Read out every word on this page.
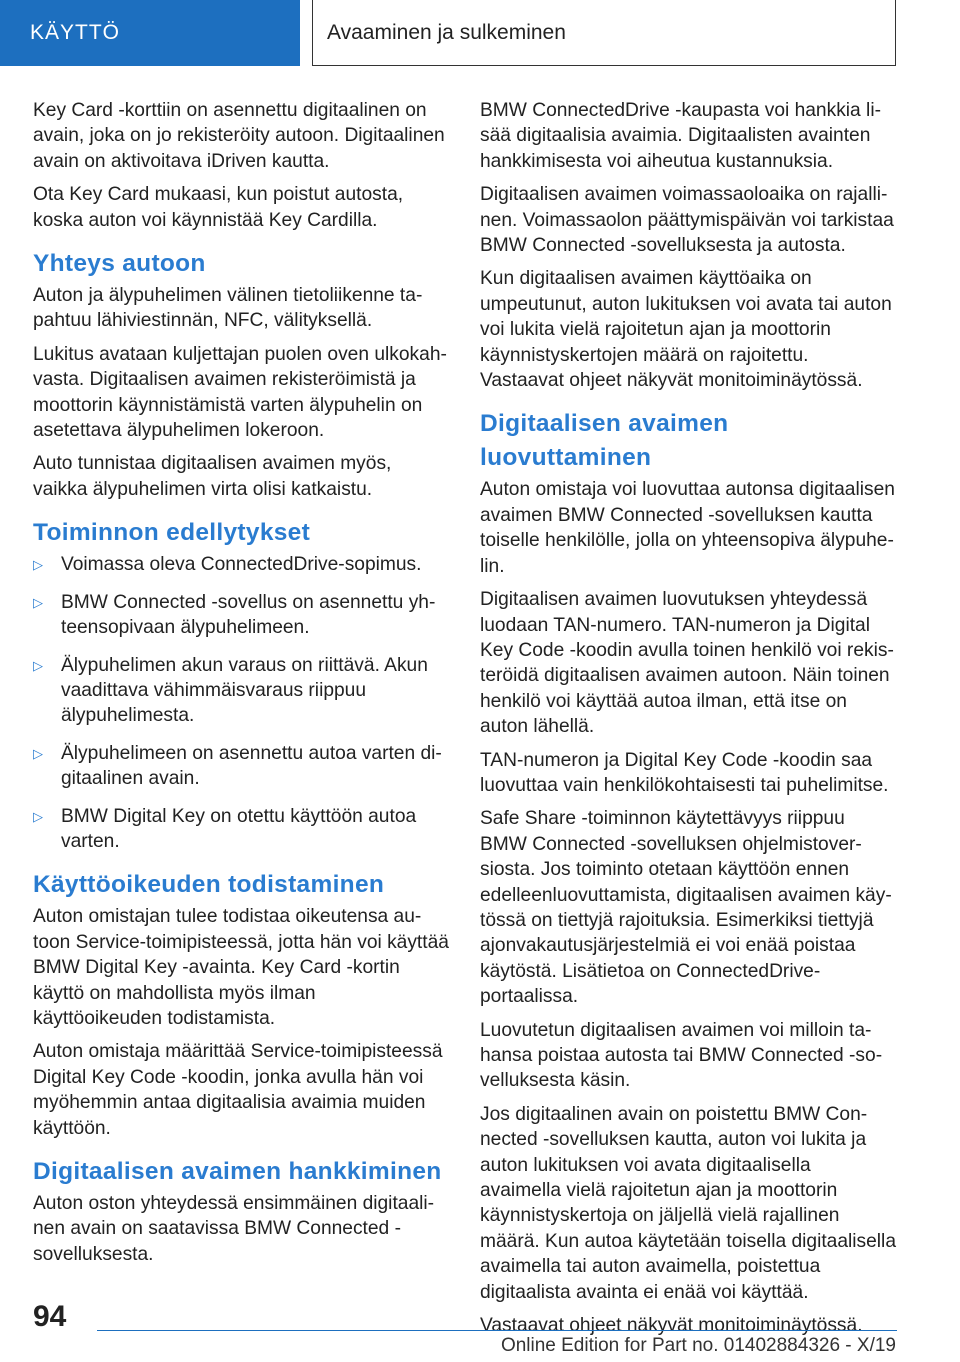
KÄYTTÖ	Avaaminen ja sulkeminen

Key Card -korttiin on asennettu digitaalinen on avain, joka on jo rekisteröity autoon. Digitaalinen avain on aktivoitava iDriven kautta.

Ota Key Card mukaasi, kun poistut autosta, koska auton voi käynnistää Key Cardilla.

Yhteys autoon

Auton ja älypuhelimen välinen tietoliikenne tapahtuu lähiviestinnän, NFC, välityksellä.

Lukitus avataan kuljettajan puolen oven ulkokahvasta. Digitaalisen avaimen rekisteröimistä ja moottorin käynnistämistä varten älypuhelin on asetettava älypuhelimen lokeroon.

Auto tunnistaa digitaalisen avaimen myös, vaikka älypuhelimen virta olisi katkaistu.

Toiminnon edellytykset
▷ Voimassa oleva ConnectedDrive-sopimus.
▷ BMW Connected -sovellus on asennettu yhteensopivaan älypuhelimeen.
▷ Älypuhelimen akun varaus on riittävä. Akun vaadittava vähimmäisvaraus riippuu älypuhelimesta.
▷ Älypuhelimeen on asennettu autoa varten digitaalinen avain.
▷ BMW Digital Key on otettu käyttöön autoa varten.
Käyttöoikeuden todistaminen

Auton omistajan tulee todistaa oikeutensa autoon Service-toimipisteessä, jotta hän voi käyttää BMW Digital Key -avainta. Key Card -kortin käyttö on mahdollista myös ilman käyttöoikeuden todistamista.

Auton omistaja määrittää Service-toimipisteessä Digital Key Code -koodin, jonka avulla hän voi myöhemmin antaa digitaalisia avaimia muiden käyttöön.

Digitaalisen avaimen hankkiminen

Auton oston yhteydessä ensimmäinen digitaalinen avain on saatavissa BMW Connected -sovelluksesta.

BMW ConnectedDrive -kaupasta voi hankkia lisää digitaalisia avaimia. Digitaalisten avainten hankkimisesta voi aiheutua kustannuksia.

Digitaalisen avaimen voimassaoloaika on rajallinen. Voimassaolon päättymispäivän voi tarkistaa BMW Connected -sovelluksesta ja autosta.

Kun digitaalisen avaimen käyttöaika on umpeutunut, auton lukituksen voi avata tai auton voi lukita vielä rajoitetun ajan ja moottorin käynnistyskertojen määrä on rajoitettu. Vastaavat ohjeet näkyvät monitoiminäytössä.

Digitaalisen avaimen luovuttaminen

Auton omistaja voi luovuttaa autonsa digitaalisen avaimen BMW Connected -sovelluksen kautta toiselle henkilölle, jolla on yhteensopiva älypuhelin.

Digitaalisen avaimen luovutuksen yhteydessä luodaan TAN-numero. TAN-numeron ja Digital Key Code -koodin avulla toinen henkilö voi rekisteröidä digitaalisen avaimen autoon. Näin toinen henkilö voi käyttää autoa ilman, että itse on auton lähellä.

TAN-numeron ja Digital Key Code -koodin saa luovuttaa vain henkilökohtaisesti tai puhelimitse.

Safe Share -toiminnon käytettävyys riippuu BMW Connected -sovelluksen ohjelmistoversiosta. Jos toiminto otetaan käyttöön ennen edelleenluovuttamista, digitaalisen avaimen käytössä on tiettyjä rajoituksia. Esimerkiksi tiettyjä ajonvakautusjärjestelmiä ei voi enää poistaa käytöstä. Lisätietoa on ConnectedDrive-portaalissa.

Luovutetun digitaalisen avaimen voi milloin tahansa poistaa autosta tai BMW Connected -sovelluksesta käsin.

Jos digitaalinen avain on poistettu BMW Connected -sovelluksen kautta, auton voi lukita ja auton lukituksen voi avata digitaalisella avaimella vielä rajoitetun ajan ja moottorin käynnistyskertoja on jäljellä vielä rajallinen määrä. Kun autoa käytetään toisella digitaalisella avaimella tai auton avaimella, poistettua digitaalista avainta ei enää voi käyttää.

Vastaavat ohjeet näkyvät monitoiminäytössä.

94
Online Edition for Part no. 01402884326 - X/19
